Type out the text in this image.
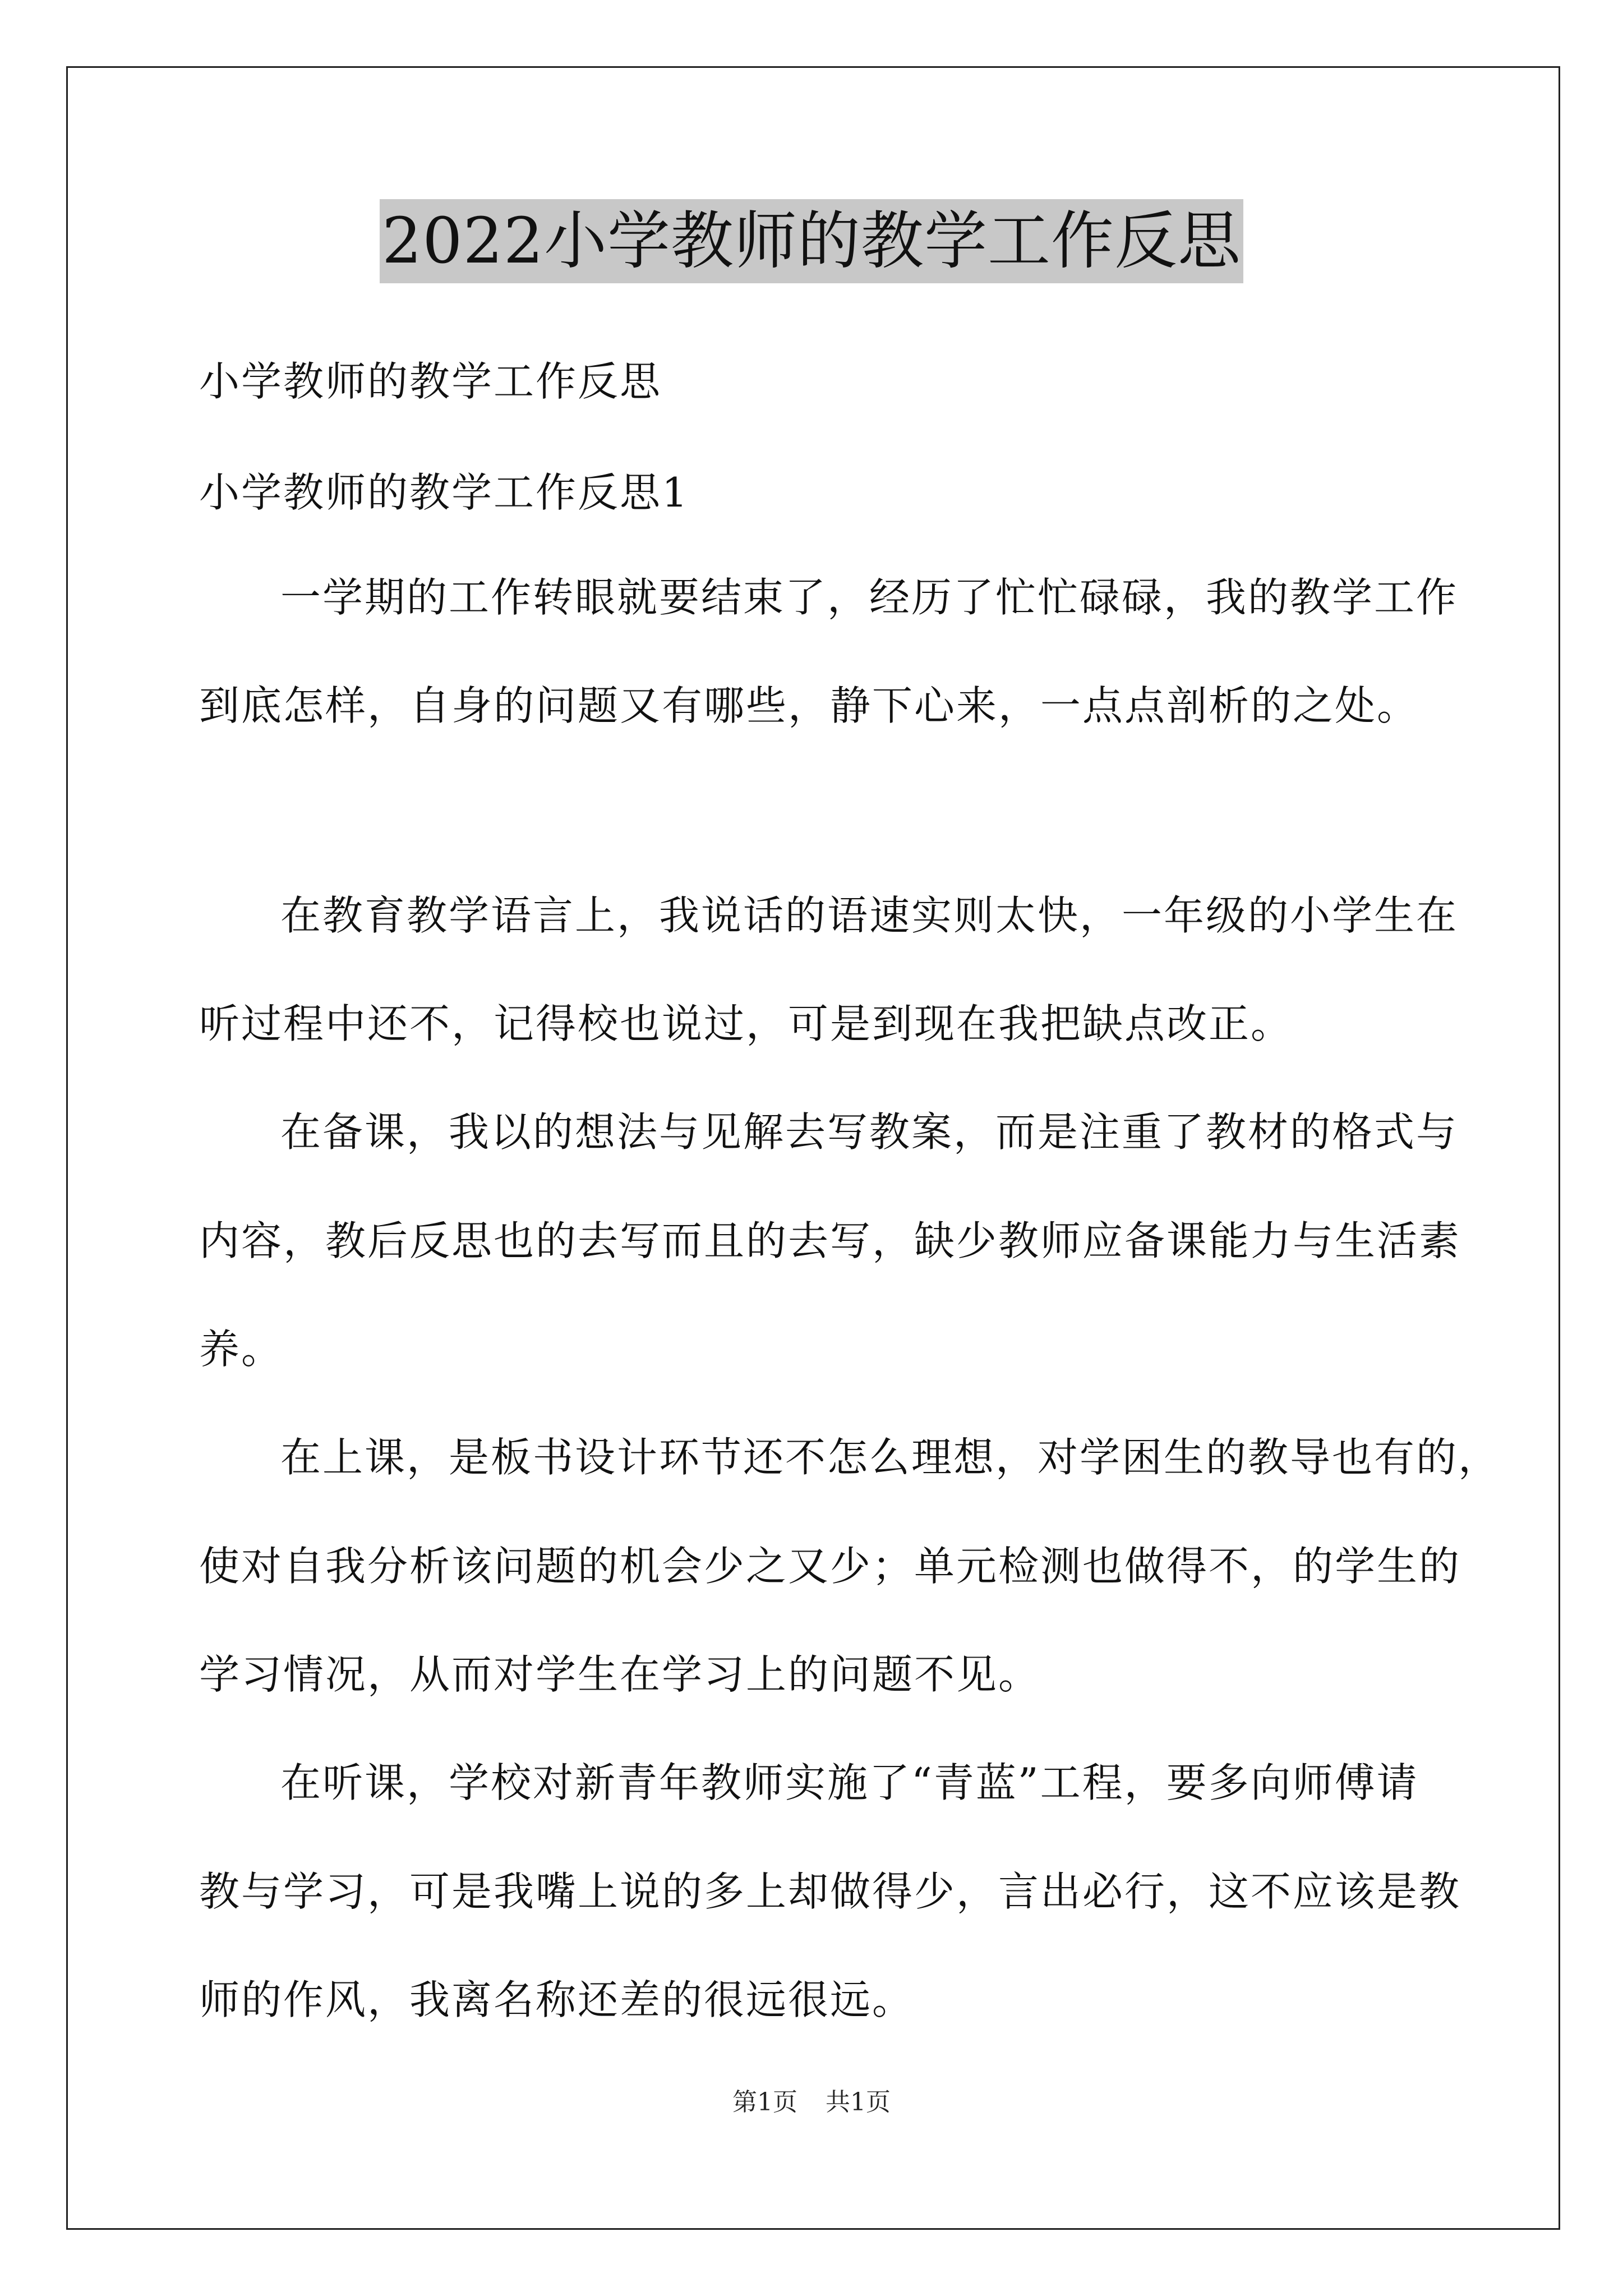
2022小学教师的教学工作反思
小学教师的教学工作反思
小学教师的教学工作反思1
一学期的工作转眼就要结束了，经历了忙忙碌碌，我的教学工作
到底怎样，自身的问题又有哪些，静下心来，一点点剖析的之处。
在教育教学语言上，我说话的语速实则太快，一年级的小学生在
听过程中还不，记得校也说过，可是到现在我把缺点改正。
在备课，我以的想法与见解去写教案，而是注重了教材的格式与
内容，教后反思也的去写而且的去写，缺少教师应备课能力与生活素
养。
在上课，是板书设计环节还不怎么理想，对学困生的教导也有的，
使对自我分析该问题的机会少之又少；单元检测也做得不，的学生的
学习情况，从而对学生在学习上的问题不见。
在听课，学校对新青年教师实施了“青蓝”工程，要多向师傅请
教与学习，可是我嘴上说的多上却做得少，言出必行，这不应该是教
师的作风，我离名称还差的很远很远。
第1页 共1页
